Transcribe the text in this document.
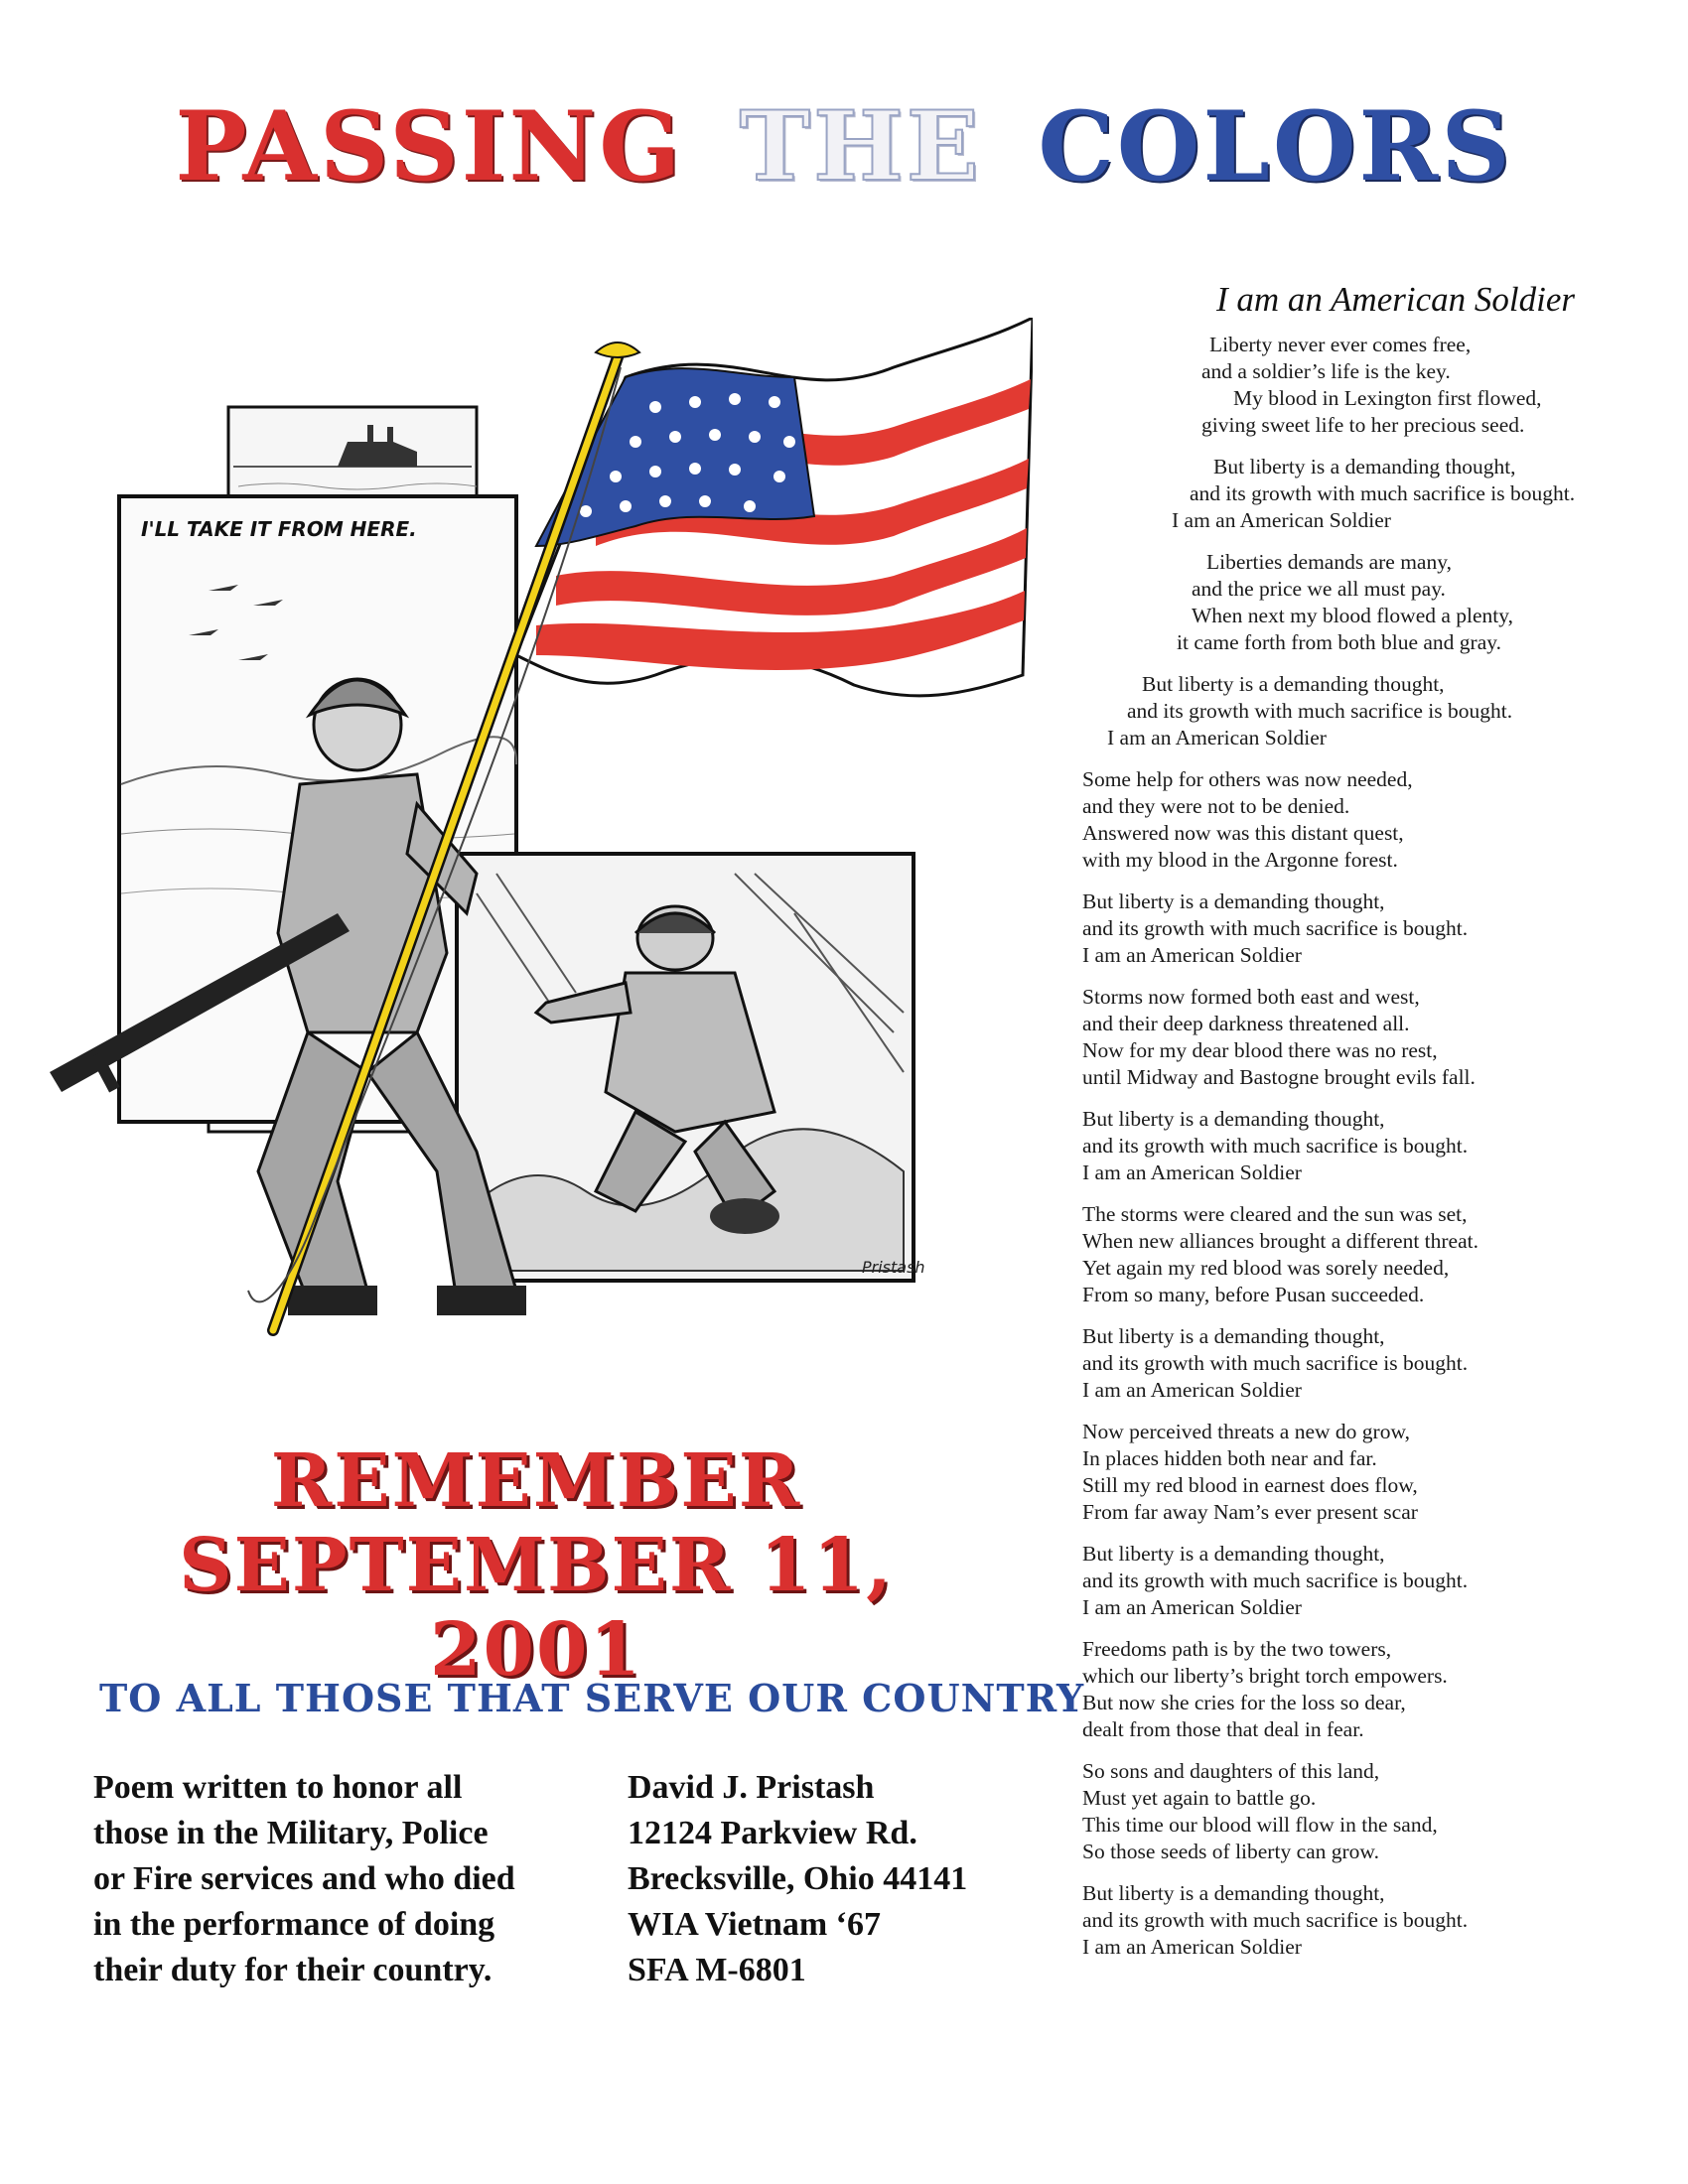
PASSING THE COLORS
I'LL TAKE IT FROM HERE.
Pristash
REMEMBER
SEPTEMBER 11, 2001
TO ALL THOSE THAT SERVE OUR COUNTRY
Poem written to honor all
those in the Military, Police
or Fire services and who died
in the performance of doing
their duty for their country.
David J. Pristash
12124 Parkview Rd.
Brecksville, Ohio 44141
WIA Vietnam ‘67
SFA M-6801
I am an American Soldier
Liberty never ever comes free,
and a soldier’s life is the key.
My blood in Lexington first flowed,
giving sweet life to her precious seed.
But liberty is a demanding thought,
and its growth with much sacrifice is bought.
I am an American Soldier
Liberties demands are many,
and the price we all must pay.
When next my blood flowed a plenty,
it came forth from both blue and gray.
But liberty is a demanding thought,
and its growth with much sacrifice is bought.
I am an American Soldier
Some help for others was now needed,
and they were not to be denied.
Answered now was this distant quest,
with my blood in the Argonne forest.
But liberty is a demanding thought,
and its growth with much sacrifice is bought.
I am an American Soldier
Storms now formed both east and west,
and their deep darkness threatened all.
Now for my dear blood there was no rest,
until Midway and Bastogne brought evils fall.
But liberty is a demanding thought,
and its growth with much sacrifice is bought.
I am an American Soldier
The storms were cleared and the sun was set,
When new alliances brought a different threat.
Yet again my red blood was sorely needed,
From so many, before Pusan succeeded.
But liberty is a demanding thought,
and its growth with much sacrifice is bought.
I am an American Soldier
Now perceived threats a new do grow,
In places hidden both near and far.
Still my red blood in earnest does flow,
From far away Nam’s ever present scar
But liberty is a demanding thought,
and its growth with much sacrifice is bought.
I am an American Soldier
Freedoms path is by the two towers,
which our liberty’s bright torch empowers.
But now she cries for the loss so dear,
dealt from those that deal in fear.
So sons and daughters of this land,
Must yet again to battle go.
This time our blood will flow in the sand,
So those seeds of liberty can grow.
But liberty is a demanding thought,
and its growth with much sacrifice is bought.
I am an American Soldier
